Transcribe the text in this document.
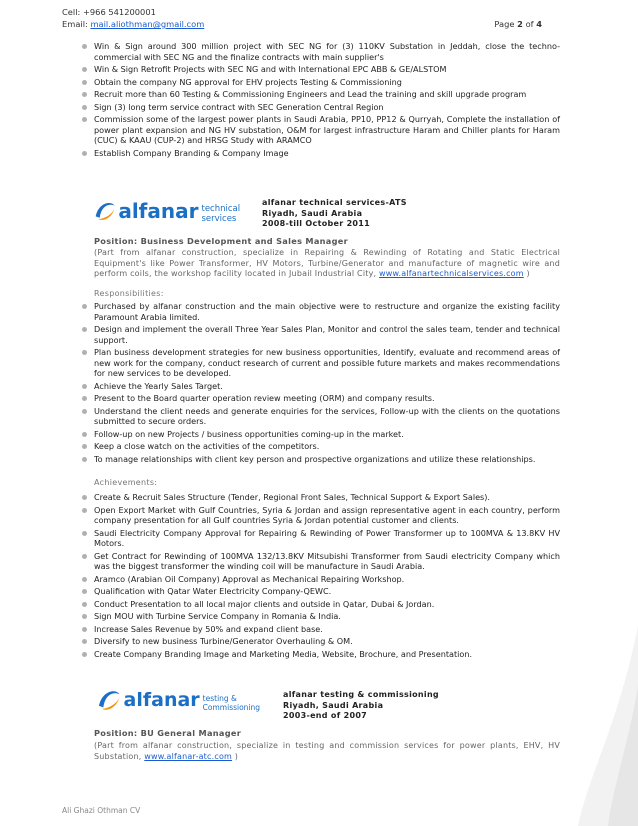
Cell: +966 541200001
Email: mail.aliothman@gmail.com	Page 2 of 4
Win & Sign around 300 million project with SEC NG for (3) 110KV Substation in Jeddah, close the techno-commercial with SEC NG and the finalize contracts with main supplier's
Win & Sign Retrofit Projects with SEC NG and with International EPC ABB & GE/ALSTOM
Obtain the company NG approval for EHV projects Testing & Commissioning
Recruit more than 60 Testing & Commissioning Engineers and Lead the training and skill upgrade program
Sign (3) long term service contract with SEC Generation Central Region
Commission some of the largest power plants in Saudi Arabia, PP10, PP12 & Qurryah, Complete the installation of power plant expansion and NG HV substation, O&M for largest infrastructure Haram and Chiller plants for Haram (CUC) & KAAU (CUP-2) and HRSG Study with ARAMCO
Establish Company Branding & Company Image
alfanar technical services
alfanar technical services-ATS
Riyadh, Saudi Arabia
2008-till October 2011
Position: Business Development and Sales Manager
(Part from alfanar construction, specialize in Repairing & Rewinding of Rotating and Static Electrical Equipment's like Power Transformer, HV Motors, Turbine/Generator and manufacture of magnetic wire and perform coils, the workshop facility located in Jubail Industrial City, www.alfanartechnicalservices.com )
Responsibilities:
Purchased by alfanar construction and the main objective were to restructure and organize the existing facility Paramount Arabia limited.
Design and implement the overall Three Year Sales Plan, Monitor and control the sales team, tender and technical support.
Plan business development strategies for new business opportunities, Identify, evaluate and recommend areas of new work for the company, conduct research of current and possible future markets and makes recommendations for new services to be developed.
Achieve the Yearly Sales Target.
Present to the Board quarter operation review meeting (ORM) and company results.
Understand the client needs and generate enquiries for the services, Follow-up with the clients on the quotations submitted to secure orders.
Follow-up on new Projects / business opportunities coming-up in the market.
Keep a close watch on the activities of the competitors.
To manage relationships with client key person and prospective organizations and utilize these relationships.
Achievements:
Create & Recruit Sales Structure (Tender, Regional Front Sales, Technical Support & Export Sales).
Open Export Market with Gulf Countries, Syria & Jordan and assign representative agent in each country, perform company presentation for all Gulf countries Syria & Jordan potential customer and clients.
Saudi Electricity Company Approval for Repairing & Rewinding of Power Transformer up to 100MVA & 13.8KV HV Motors.
Get Contract for Rewinding of 100MVA 132/13.8KV Mitsubishi Transformer from Saudi electricity Company which was the biggest transformer the winding coil will be manufacture in Saudi Arabia.
Aramco (Arabian Oil Company) Approval as Mechanical Repairing Workshop.
Qualification with Qatar Water Electricity Company-QEWC.
Conduct Presentation to all local major clients and outside in Qatar, Dubai & Jordan.
Sign MOU with Turbine Service Company in Romania & India.
Increase Sales Revenue by 50% and expand client base.
Diversify to new business Turbine/Generator Overhauling & OM.
Create Company Branding Image and Marketing Media, Website, Brochure, and Presentation.
alfanar testing & Commissioning
alfanar testing & commissioning
Riyadh, Saudi Arabia
2003-end of 2007
Position: BU General Manager
(Part from alfanar construction, specialize in testing and commission services for power plants, EHV, HV Substation, www.alfanar-atc.com )
Ali Ghazi Othman CV
